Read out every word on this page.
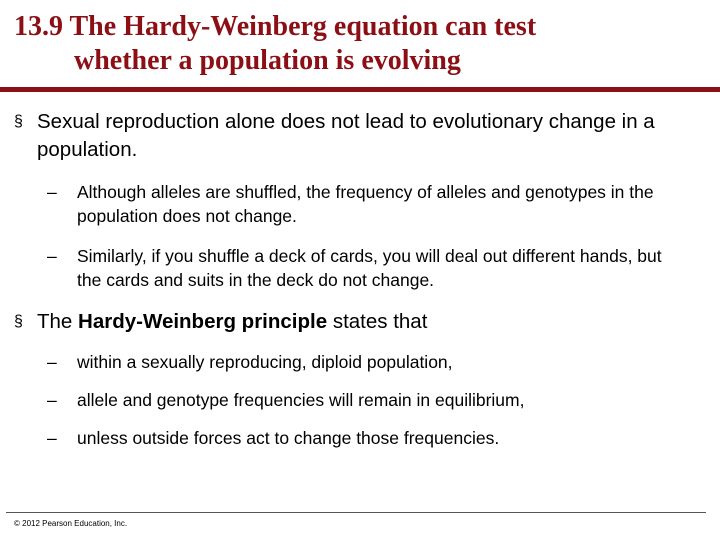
13.9 The Hardy-Weinberg equation can test
whether a population is evolving
§ Sexual reproduction alone does not lead to evolutionary change in a population.
–	Although alleles are shuffled, the frequency of alleles and genotypes in the population does not change.
–	Similarly, if you shuffle a deck of cards, you will deal out different hands, but the cards and suits in the deck do not change.
§ The Hardy-Weinberg principle states that
–	within a sexually reproducing, diploid population,
–	allele and genotype frequencies will remain in equilibrium,
–	unless outside forces act to change those frequencies.
© 2012 Pearson Education, Inc.
